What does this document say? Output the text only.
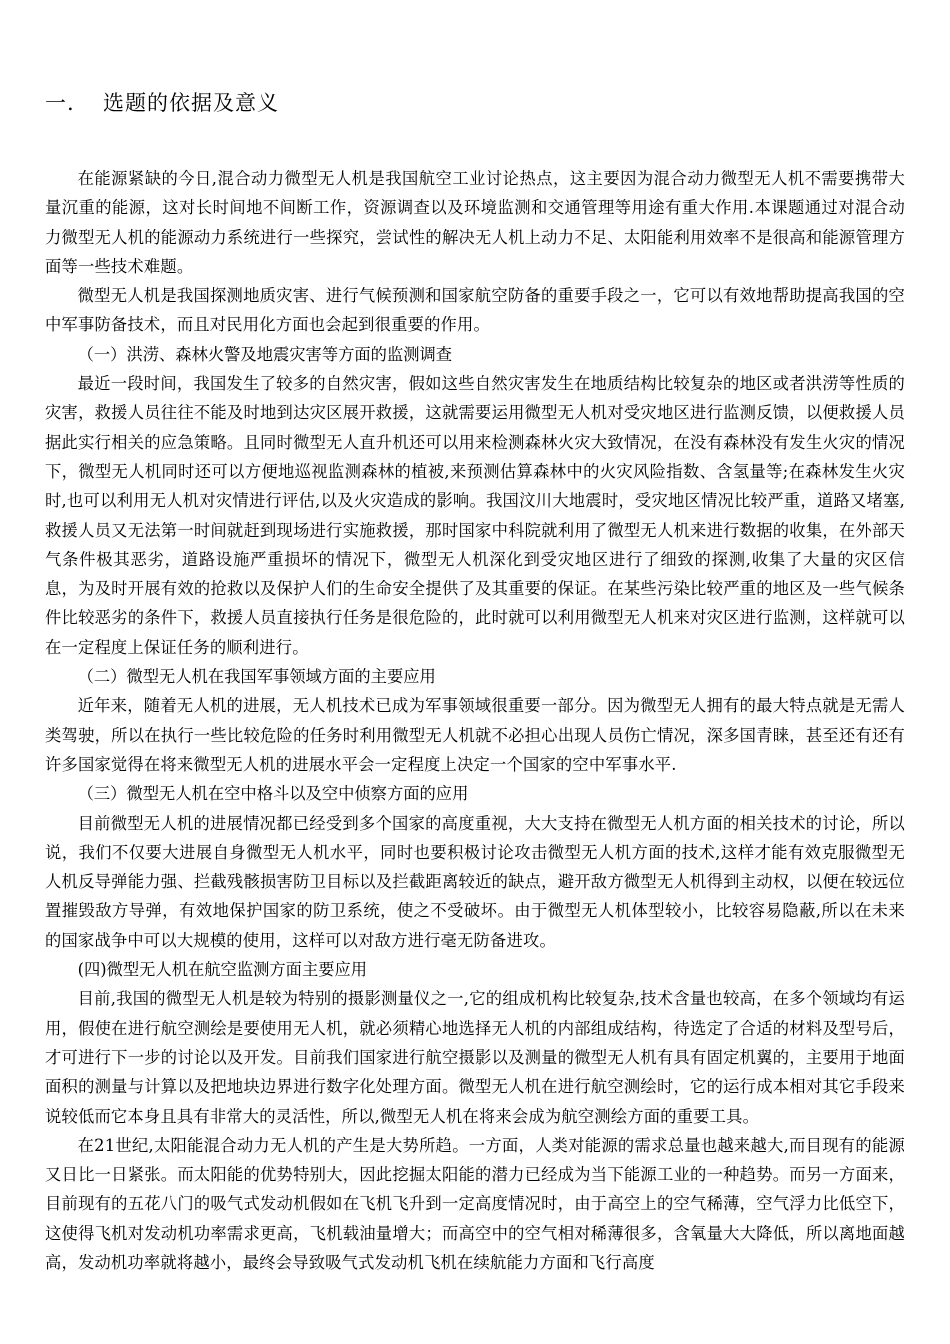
一. 选题的依据及意义

在能源紧缺的今日,混合动力微型无人机是我国航空工业讨论热点，这主要因为混合动力微型无人机不需要携带大量沉重的能源，这对长时间地不间断工作，资源调查以及环境监测和交通管理等用途有重大作用.本课题通过对混合动力微型无人机的能源动力系统进行一些探究，尝试性的解决无人机上动力不足、太阳能利用效率不是很高和能源管理方面等一些技术难题。

微型无人机是我国探测地质灾害、进行气候预测和国家航空防备的重要手段之一，它可以有效地帮助提高我国的空中军事防备技术，而且对民用化方面也会起到很重要的作用。

（一）洪涝、森林火警及地震灾害等方面的监测调查

最近一段时间，我国发生了较多的自然灾害，假如这些自然灾害发生在地质结构比较复杂的地区或者洪涝等性质的灾害，救援人员往往不能及时地到达灾区展开救援，这就需要运用微型无人机对受灾地区进行监测反馈，以便救援人员据此实行相关的应急策略。且同时微型无人直升机还可以用来检测森林火灾大致情况，在没有森林没有发生火灾的情况下，微型无人机同时还可以方便地巡视监测森林的植被,来预测估算森林中的火灾风险指数、含氢量等;在森林发生火灾时,也可以利用无人机对灾情进行评估,以及火灾造成的影响。我国汶川大地震时，受灾地区情况比较严重，道路又堵塞,救援人员又无法第一时间就赶到现场进行实施救援，那时国家中科院就利用了微型无人机来进行数据的收集，在外部天气条件极其恶劣，道路设施严重损坏的情况下，微型无人机深化到受灾地区进行了细致的探测,收集了大量的灾区信息，为及时开展有效的抢救以及保护人们的生命安全提供了及其重要的保证。在某些污染比较严重的地区及一些气候条件比较恶劣的条件下，救援人员直接执行任务是很危险的，此时就可以利用微型无人机来对灾区进行监测，这样就可以在一定程度上保证任务的顺利进行。

（二）微型无人机在我国军事领域方面的主要应用

近年来，随着无人机的进展，无人机技术已成为军事领域很重要一部分。因为微型无人拥有的最大特点就是无需人类驾驶，所以在执行一些比较危险的任务时利用微型无人机就不必担心出现人员伤亡情况，深多国青睐，甚至还有还有许多国家觉得在将来微型无人机的进展水平会一定程度上决定一个国家的空中军事水平.

（三）微型无人机在空中格斗以及空中侦察方面的应用

目前微型无人机的进展情况都已经受到多个国家的高度重视，大大支持在微型无人机方面的相关技术的讨论，所以说，我们不仅要大进展自身微型无人机水平，同时也要积极讨论攻击微型无人机方面的技术,这样才能有效克服微型无人机反导弹能力强、拦截残骸损害防卫目标以及拦截距离较近的缺点，避开敌方微型无人机得到主动权，以便在较远位置摧毁敌方导弹，有效地保护国家的防卫系统，使之不受破坏。由于微型无人机体型较小，比较容易隐蔽,所以在未来的国家战争中可以大规模的使用，这样可以对敌方进行毫无防备进攻。

(四)微型无人机在航空监测方面主要应用

目前,我国的微型无人机是较为特别的摄影测量仪之一,它的组成机构比较复杂,技术含量也较高，在多个领域均有运用，假使在进行航空测绘是要使用无人机，就必须精心地选择无人机的内部组成结构，待选定了合适的材料及型号后，才可进行下一步的讨论以及开发。目前我们国家进行航空摄影以及测量的微型无人机有具有固定机翼的，主要用于地面面积的测量与计算以及把地块边界进行数字化处理方面。微型无人机在进行航空测绘时，它的运行成本相对其它手段来说较低而它本身且具有非常大的灵活性，所以,微型无人机在将来会成为航空测绘方面的重要工具。

在21世纪,太阳能混合动力无人机的产生是大势所趋。一方面，人类对能源的需求总量也越来越大,而目现有的能源又日比一日紧张。而太阳能的优势特别大，因此挖掘太阳能的潜力已经成为当下能源工业的一种趋势。而另一方面来，目前现有的五花八门的吸气式发动机假如在飞机飞升到一定高度情况时，由于高空上的空气稀薄，空气浮力比低空下，这使得飞机对发动机功率需求更高，飞机载油量增大；而高空中的空气相对稀薄很多，含氧量大大降低，所以离地面越高，发动机功率就将越小，最终会导致吸气式发动机飞机在续航能力方面和飞行高度
